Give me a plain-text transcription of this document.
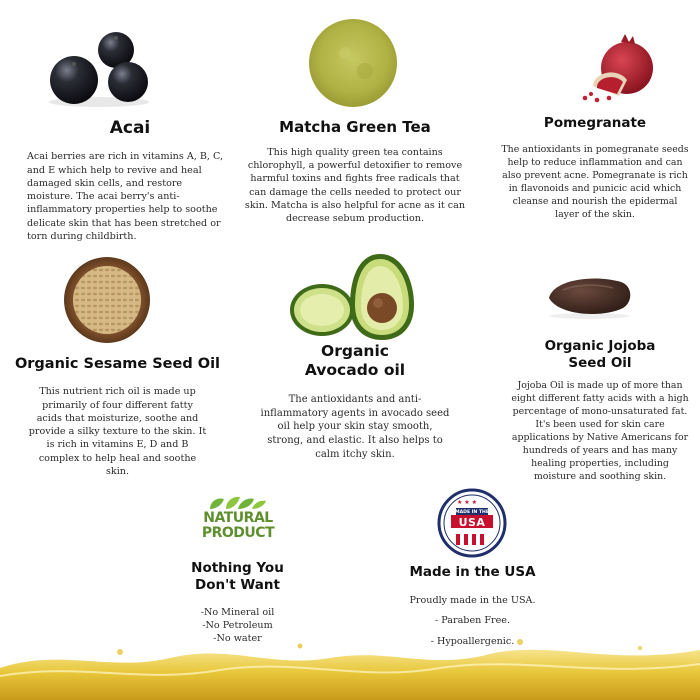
Acai
Acai berries are rich in vitamins A, B, C, and E which help to revive and heal damaged skin cells, and restore moisture. The acai berry's anti-inflammatory properties help to soothe delicate skin that has been stretched or torn during childbirth.
Matcha Green Tea
This high quality green tea contains chlorophyll, a powerful detoxifier to remove harmful toxins and fights free radicals that can damage the cells needed to protect our skin. Matcha is also helpful for acne as it can decrease sebum production.
Pomegranate
The antioxidants in pomegranate seeds help to reduce inflammation and can also prevent acne. Pomegranate is rich in flavonoids and punicic acid which cleanse and nourish the epidermal layer of the skin.
Organic Sesame Seed Oil
This nutrient rich oil is made up primarily of four different fatty acids that moisturize, soothe and provide a silky texture to the skin. It is rich in vitamins E, D and B complex to help heal and soothe skin.
Organic Avocado oil
The antioxidants and anti-inflammatory agents in avocado seed oil help your skin stay smooth, strong, and elastic. It also helps to calm itchy skin.
Organic Jojoba Seed Oil
Jojoba Oil is made up of more than eight different fatty acids with a high percentage of mono-unsaturated fat. It's been used for skin care applications by Native Americans for hundreds of years and has many healing properties, including moisture and soothing skin.
NATURAL
PRODUCT
Nothing You Don't Want
-No Mineral oil
-No Petroleum
-No water
★ ★ ★
MADE IN THE
USA
Made in the USA
Proudly made in the USA.
- Paraben Free.
- Hypoallergenic.
